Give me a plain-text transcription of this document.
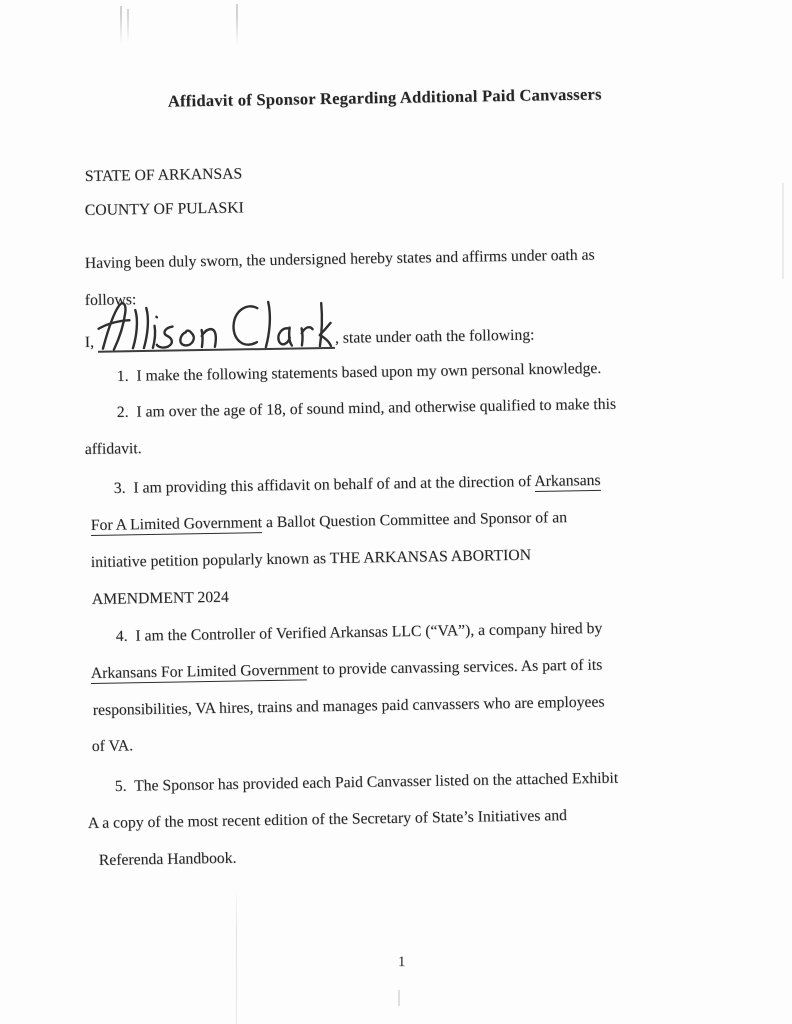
Affidavit of Sponsor Regarding Additional Paid Canvassers
STATE OF ARKANSAS
COUNTY OF PULASKI
Having been duly sworn, the undersigned hereby states and affirms under oath as
follows:
I,	, state under oath the following:
1.  I make the following statements based upon my own personal knowledge.
2.  I am over the age of 18, of sound mind, and otherwise qualified to make this
affidavit.
3.  I am providing this affidavit on behalf of and at the direction of Arkansans
For A Limited Government a Ballot Question Committee and Sponsor of an
initiative petition popularly known as THE ARKANSAS ABORTION
AMENDMENT 2024
4.  I am the Controller of Verified Arkansas LLC (“VA”), a company hired by
Arkansans For Limited Government to provide canvassing services. As part of its
responsibilities, VA hires, trains and manages paid canvassers who are employees
of VA.
5.  The Sponsor has provided each Paid Canvasser listed on the attached Exhibit
A a copy of the most recent edition of the Secretary of State’s Initiatives and
Referenda Handbook.
1
